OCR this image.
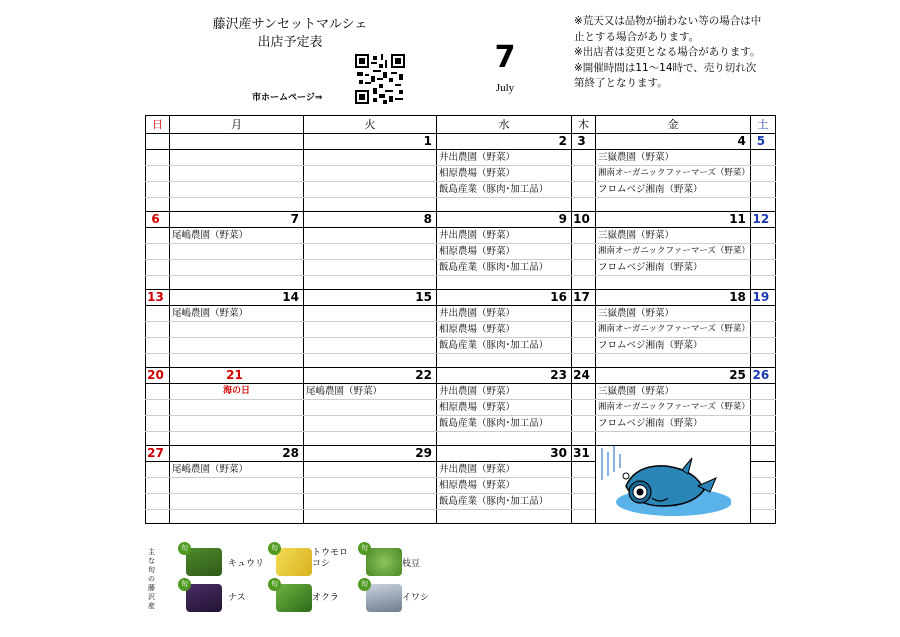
藤沢産サンセットマルシェ
出店予定表
市ホームページ⇒
7
July
※荒天又は品物が揃わない等の場合は中止とする場合があります。
※出店者は変更となる場合があります。
※開催時間は11～14時で、売り切れ次第終了となります。
日	月	火	水	木	金	土
		1	2	3	4	5
			井出農園（野菜）		三嶽農園（野菜）	
			相原農場（野菜）		湘南オーガニックファーマーズ（野菜）	
			飯島産業（豚肉･加工品）		フロムベジ湘南（野菜）	

6	7	8	9	10	11	12
	尾嶋農園（野菜）		井出農園（野菜）		三嶽農園（野菜）	
			相原農場（野菜）		湘南オーガニックファーマーズ（野菜）	
			飯島産業（豚肉･加工品）		フロムベジ湘南（野菜）	

13	14	15	16	17	18	19
	尾嶋農園（野菜）		井出農園（野菜）		三嶽農園（野菜）	
			相原農場（野菜）		湘南オーガニックファーマーズ（野菜）	
			飯島産業（豚肉･加工品）		フロムベジ湘南（野菜）	

20	21	22	23	24	25	26
	海の日	尾嶋農園（野菜）	井出農園（野菜）		三嶽農園（野菜）	
			相原農場（野菜）		湘南オーガニックファーマーズ（野菜）	
			飯島産業（豚肉･加工品）		フロムベジ湘南（野菜）	

27	28	29	30	31	

	尾嶋農園（野菜）		井出農園（野菜）			
			相原農場（野菜）			
			飯島産業（豚肉･加工品）			

主な旬の藤沢産
旬
キュウリ
旬	トウモロコシ
旬
枝豆
旬
ナス
旬
オクラ
旬
イワシ
